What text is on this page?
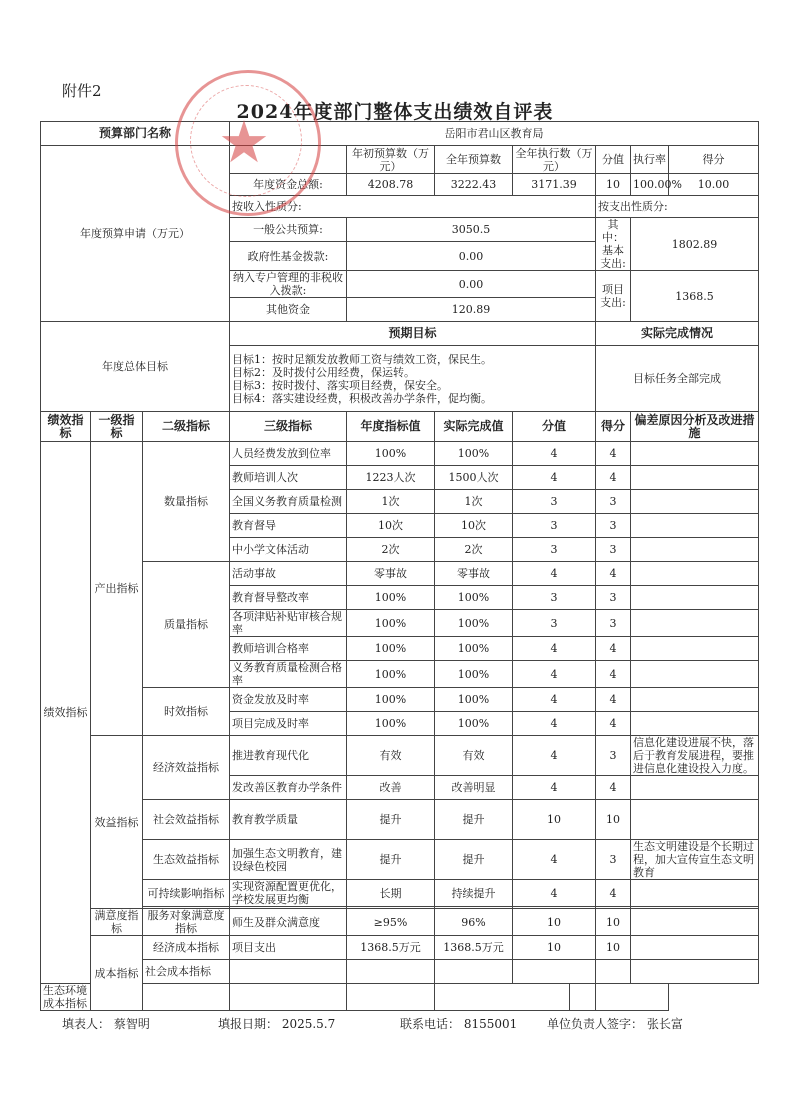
附件2
2024年度部门整体支出绩效自评表
预算部门名称			岳阳市君山区教育局							
年度预算申请（万元）				年初预算数（万元）	全年预算数	全年执行数（万元）		分值	执行率	得分
			年度资金总额:	4208.78	3222.43	3171.39		10	100.00%	10.00
			按收入性质分:					按支出性质分:		
			一般公共预算:	3050.5				其中：基本支出:	1802.89	
			政府性基金拨款:	0.00						
			纳入专户管理的非税收入拨款:	0.00				项目支出:	1368.5	
			其他资金	120.89						
年度总体目标			预期目标					实际完成情况		

			目标1：按时足额发放教师工资与绩效工资，保民生。
目标2：及时拨付公用经费，保运转。
目标3：按时拨付、落实项目经费，保安全。
目标4：落实建设经费，积极改善办学条件，促均衡。					目标任务全部完成		
绩效指标	一级指标	二级指标	三级指标	年度指标值	实际完成值	分值		得分	偏差原因分析及改进措施	
绩效指标	产出指标	数量指标	人员经费发放到位率	100%	100%	4		4		
			教师培训人次	1223人次	1500人次	4		4		
			全国义务教育质量检测	1次	1次	3		3		
			教育督导	10次	10次	3		3		
			中小学文体活动	2次	2次	3		3		
		质量指标	活动事故	零事故	零事故	4		4		
			教育督导整改率	100%	100%	3		3		
			各项津贴补贴审核合规率	100%	100%	3		3		
			教师培训合格率	100%	100%	4		4		
			义务教育质量检测合格率	100%	100%	4		4		
		时效指标	资金发放及时率	100%	100%	4		4		
			项目完成及时率	100%	100%	4		4		
	效益指标	经济效益指标	推进教育现代化	有效	有效	4		3	信息化建设进展不快，落后于教育发展进程，要推进信息化建设投入力度。	
			发改善区教育办学条件	改善	改善明显	4		4		
		社会效益指标	教育教学质量	提升	提升	10		10		
		生态效益指标	加强生态文明教育，建设绿色校园	提升	提升	4		3	生态文明建设是个长期过程，加大宣传宣生态文明教育	
		可持续影响指标	实现资源配置更优化，学校发展更均衡	长期	持续提升	4		4		

	满意度指标	服务对象满意度指标	师生及群众满意度	≥95%	96%	10		10		
	成本指标	经济成本指标	项目支出	1368.5万元	1368.5万元	10		10		
		社会成本指标								
生态环境成本指标										
★
填表人： 蔡智明	填报日期： 2025.5.7	联系电话： 8155001 单位负责人签字： 张长富
